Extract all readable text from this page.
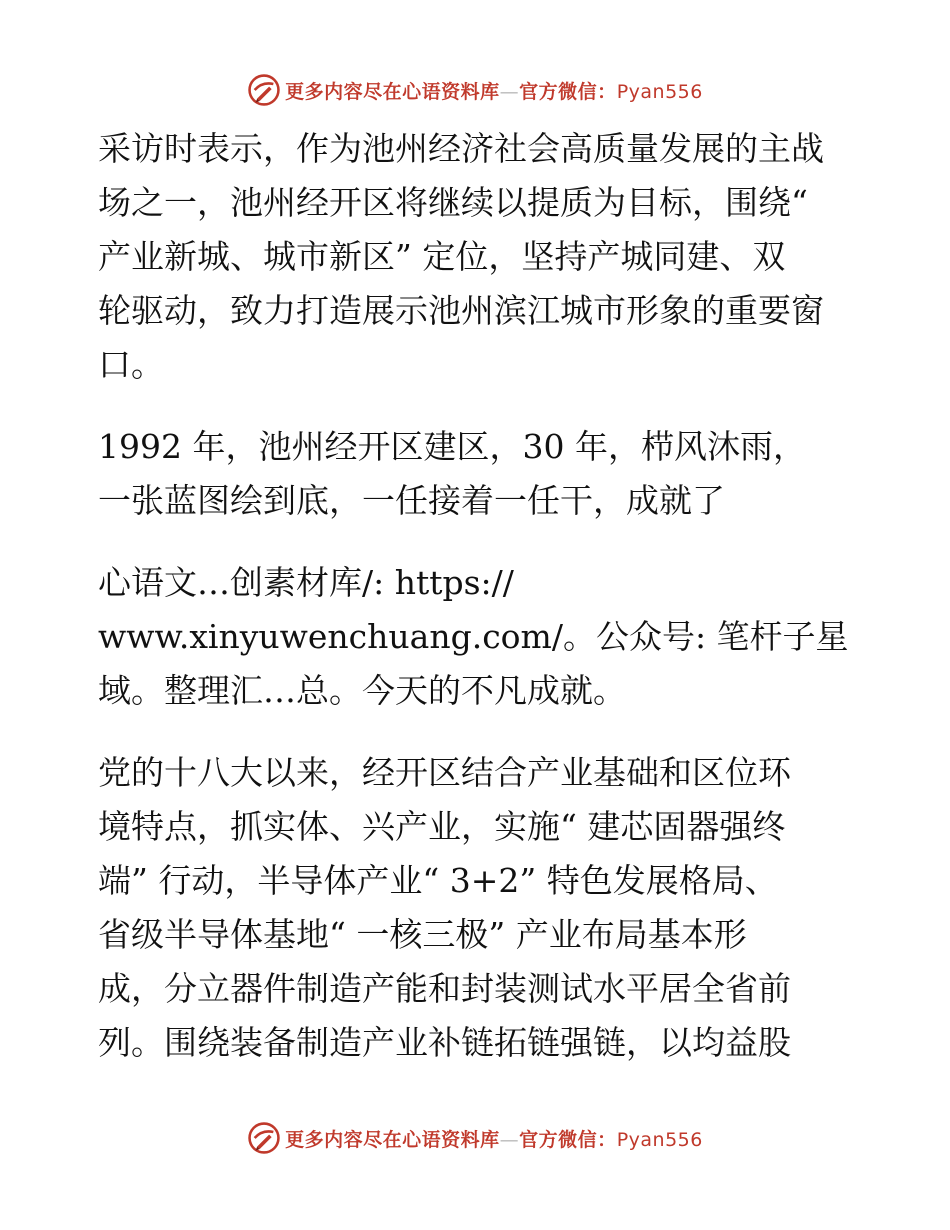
更多内容尽在心语资料库—官方微信：Pyan556
采访时表示，作为池州经济社会高质量发展的主战
场之一，池州经开区将继续以提质为目标，围绕“
产业新城、城市新区” 定位，坚持产城同建、双
轮驱动，致力打造展示池州滨江城市形象的重要窗
口。
1992 年，池州经开区建区，30 年，栉风沐雨，
一张蓝图绘到底，一任接着一任干，成就了
心语文…创素材库/: https://
www.xinyuwenchuang.com/。公众号: 笔杆子星
域。整理汇…总。今天的不凡成就。
党的十八大以来，经开区结合产业基础和区位环
境特点，抓实体、兴产业，实施“ 建芯固器强终
端” 行动，半导体产业“ 3+2” 特色发展格局、
省级半导体基地“ 一核三极” 产业布局基本形
成，分立器件制造产能和封装测试水平居全省前
列。围绕装备制造产业补链拓链强链，以均益股
更多内容尽在心语资料库—官方微信：Pyan556
